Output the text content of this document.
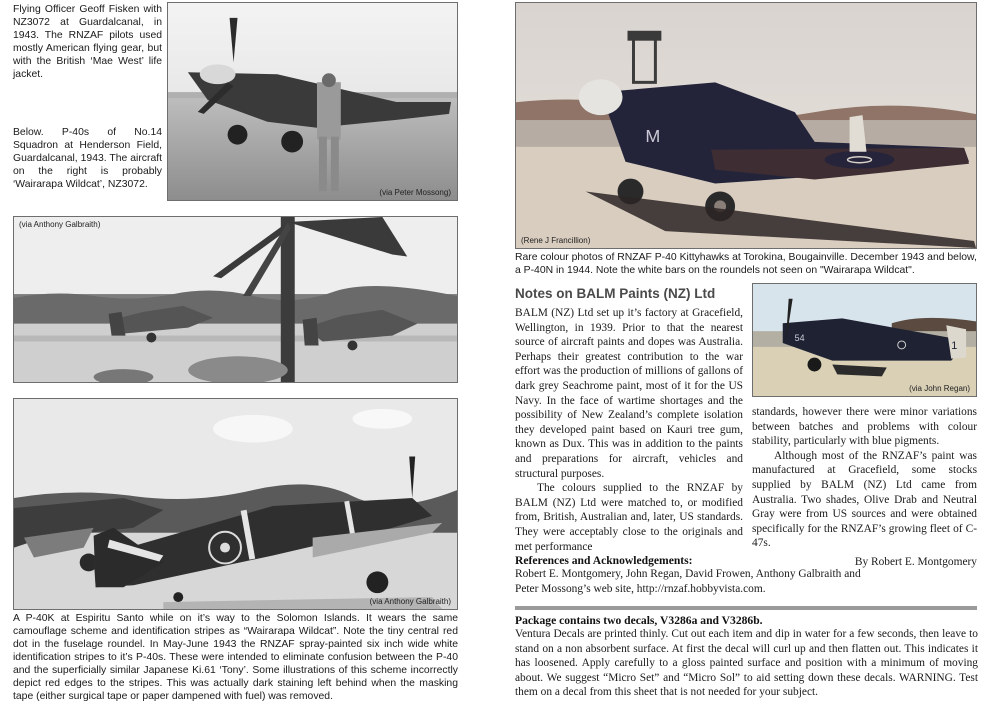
Flying Officer Geoff Fisken with NZ3072 at Guardalcanal, in 1943. The RNZAF pilots used mostly American flying gear, but with the British ‘Mae West’ life jacket.
Below. P-40s of No.14 Squadron at Henderson Field, Guardalcanal, 1943. The aircraft on the right is probably ‘Wairarapa Wildcat’, NZ3072.
(via Peter Mossong)
(via Anthony Galbraith)
(via Anthony Galbraith)
A P-40K at Espiritu Santo while on it’s way to the Solomon Islands. It wears the same camouflage scheme and identification stripes as “Wairarapa Wildcat”. Note the tiny central red dot in the fuselage roundel. In May-June 1943 the RNZAF spray-painted six inch wide white identification stripes to it’s P-40s. These were intended to eliminate confusion between the P-40 and the superficially similar Japanese Ki.61 ‘Tony’. Some illustrations of this scheme incorrectly depict red edges to the stripes. This was actually dark staining left behind when the masking tape (either surgical tape or paper dampened with fuel) was removed.
M
(Rene J Francillion)
Rare colour photos of RNZAF P-40 Kittyhawks at Torokina, Bougainville. December 1943 and below, a P-40N in 1944. Note the white bars on the roundels not seen on "Wairarapa Wildcat".
Notes on BALM Paints (NZ) Ltd
1
54
(via John Regan)
BALM (NZ) Ltd set up it’s factory at Gracefield, Wellington, in 1939. Prior to that the nearest source of aircraft paints and dopes was Australia. Perhaps their greatest contribution to the war effort was the production of millions of gallons of dark grey Seachrome paint, most of it for the US Navy. In the face of wartime shortages and the possibility of New Zealand’s complete isolation they developed paint based on Kauri tree gum, known as Dux. This was in addition to the paints and preparations for aircraft, vehicles and structural purposes.
The colours supplied to the RNZAF by BALM (NZ) Ltd were matched to, or modified from, British, Australian and, later, US standards. They were acceptably close to the originals and met performance
standards, however there were minor variations between batches and problems with colour stability, particularly with blue pigments.
Although most of the RNZAF’s paint was manufactured at Gracefield, some stocks supplied by BALM (NZ) Ltd came from Australia. Two shades, Olive Drab and Neutral Gray were from US sources and were obtained specifically for the RNZAF’s growing fleet of C-47s.
By Robert E. Montgomery
References and Acknowledgements:
Robert E. Montgomery, John Regan, David Frowen, Anthony Galbraith and
Peter Mossong’s web site, http://rnzaf.hobbyvista.com.
Package contains two decals, V3286a and V3286b.
Ventura Decals are printed thinly. Cut out each item and dip in water for a few seconds, then leave to stand on a non absorbent surface. At first the decal will curl up and then flatten out. This indicates it has loosened. Apply carefully to a gloss painted surface and position with a minimum of moving about. We suggest “Micro Set” and “Micro Sol” to aid setting down these decals. WARNING. Test them on a decal from this sheet that is not needed for your subject.
